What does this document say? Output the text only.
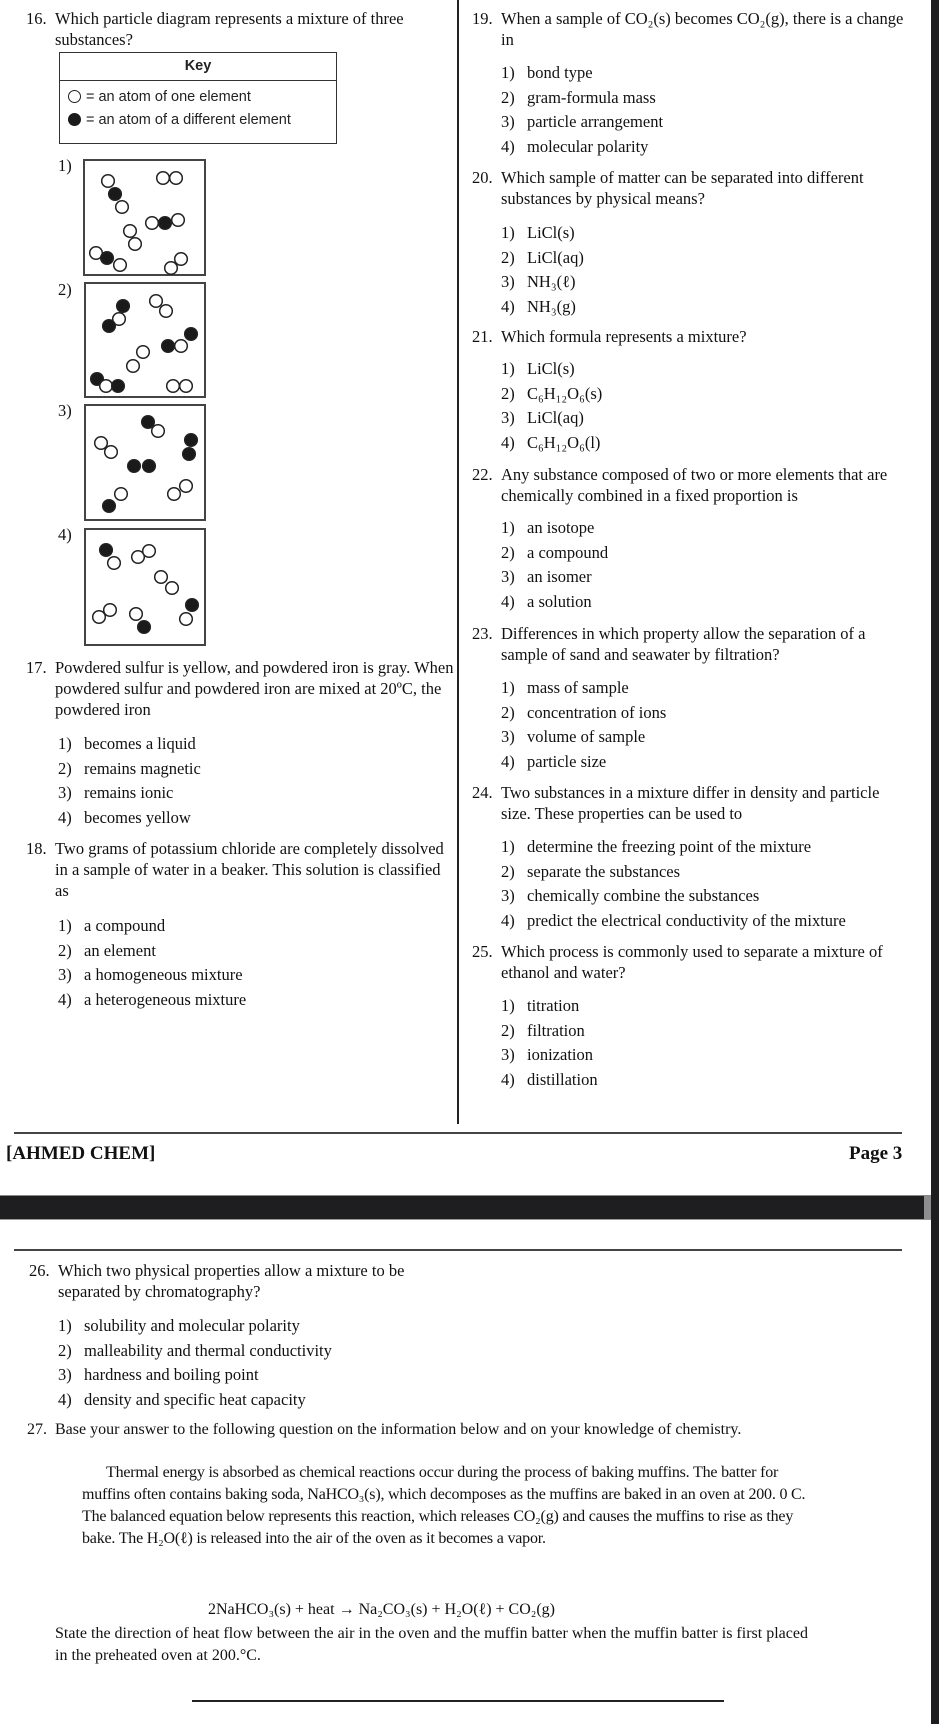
16. Which particle diagram represents a mixture of three substances?
Key
= an atom of one element
= an atom of a different element
1)
2)
3)
4)
17. Powdered sulfur is yellow, and powdered iron is gray. When powdered sulfur and powdered iron are mixed at 20ºC, the powdered iron
1) becomes a liquid
2) remains magnetic
3) remains ionic
4) becomes yellow
18. Two grams of potassium chloride are completely dissolved in a sample of water in a beaker. This solution is classified as
1) a compound
2) an element
3) a homogeneous mixture
4) a heterogeneous mixture
19. When a sample of CO₂(s) becomes CO₂(g), there is a change in
1) bond type
2) gram-formula mass
3) particle arrangement
4) molecular polarity
20. Which sample of matter can be separated into different substances by physical means?
1) LiCl(s)
2) LiCl(aq)
3) NH₃(ℓ)
4) NH₃(g)
21. Which formula represents a mixture?
1) LiCl(s)
2) C₆H₁₂O₆(s)
3) LiCl(aq)
4) C₆H₁₂O₆(l)
22. Any substance composed of two or more elements that are chemically combined in a fixed proportion is
1) an isotope
2) a compound
3) an isomer
4) a solution
23. Differences in which property allow the separation of a sample of sand and seawater by filtration?
1) mass of sample
2) concentration of ions
3) volume of sample
4) particle size
24. Two substances in a mixture differ in density and particle size. These properties can be used to
1) determine the freezing point of the mixture
2) separate the substances
3) chemically combine the substances
4) predict the electrical conductivity of the mixture
25. Which process is commonly used to separate a mixture of ethanol and water?
1) titration
2) filtration
3) ionization
4) distillation
[AHMED CHEM]	Page 3
26. Which two physical properties allow a mixture to be separated by chromatography?
1) solubility and molecular polarity
2) malleability and thermal conductivity
3) hardness and boiling point
4) density and specific heat capacity
27. Base your answer to the following question on the information below and on your knowledge of chemistry.
Thermal energy is absorbed as chemical reactions occur during the process of baking muffins. The batter for muffins often contains baking soda, NaHCO₃(s), which decomposes as the muffins are baked in an oven at 200. 0 C. The balanced equation below represents this reaction, which releases CO₂(g) and causes the muffins to rise as they bake. The H₂O(ℓ) is released into the air of the oven as it becomes a vapor.
2NaHCO₃(s) + heat → Na₂CO₃(s) + H₂O(ℓ) + CO₂(g)
State the direction of heat flow between the air in the oven and the muffin batter when the muffin batter is first placed in the preheated oven at 200.°C.
